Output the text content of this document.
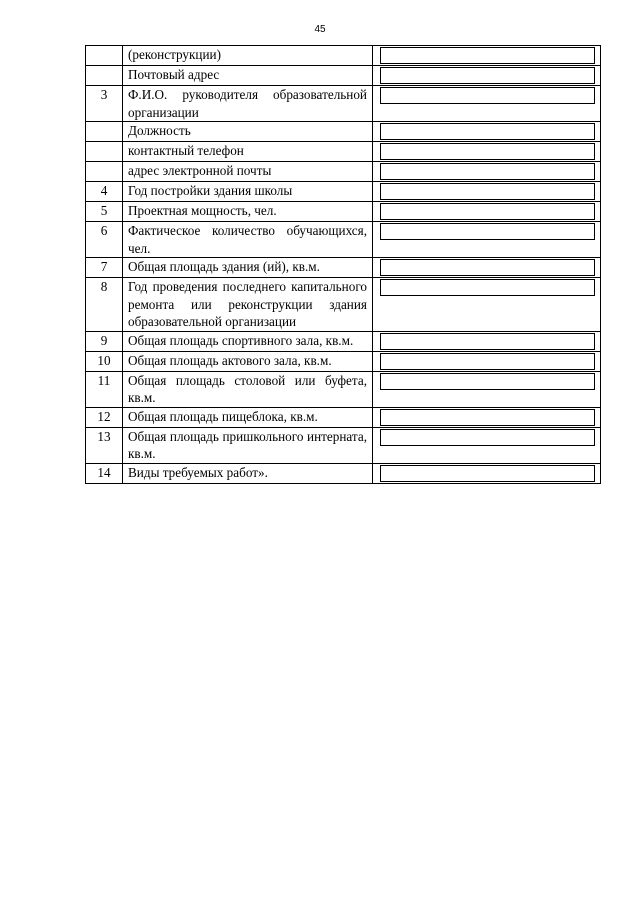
45
	(реконструкции)	

	Почтовый адрес	

3	Ф.И.О. руководителя образовательной организации	

	Должность	

	контактный телефон	

	адрес электронной почты	

4	Год постройки здания школы	

5	Проектная мощность, чел.	

6	Фактическое количество обучающихся, чел.	

7	Общая площадь здания (ий), кв.м.	

8	Год проведения последнего капитального ремонта или реконструкции здания образовательной организации	

9	Общая площадь спортивного зала, кв.м.	

10	Общая площадь актового зала, кв.м.	

11	Общая площадь столовой или буфета, кв.м.	

12	Общая площадь пищеблока, кв.м.	

13	Общая площадь пришкольного интерната, кв.м.	

14	Виды требуемых работ».	
